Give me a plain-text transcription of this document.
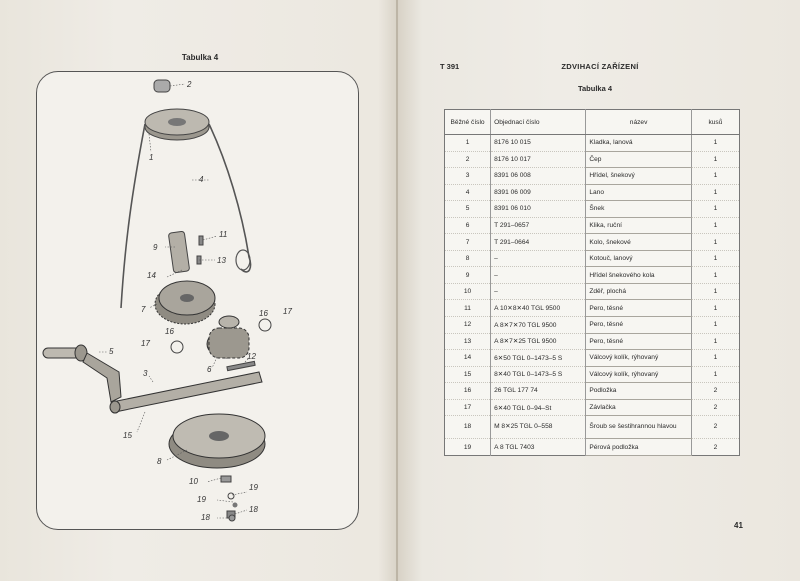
Tabulka 4
2
1
4
9
11
13
14
7
5
16
17
16 17
6
12
3
15
8
10
19
19
18
18
T 391	ZDVIHACÍ ZAŘÍZENÍ
Tabulka 4
Běžné číslo	Objednací číslo	název	kusů
1	8176 10 015	Kladka, lanová	1
2	8176 10 017	Čep	1
3	8391 06 008	Hřídel, šnekový	1
4	8391 06 009	Lano	1
5	8391 06 010	Šnek	1
6	T 291–0657	Klika, ruční	1
7	T 291–0664	Kolo, šnekové	1
8	–	Kotouč, lanový	1
9	–	Hřídel šnekového kola	1
10	–	Zděř, plochá	1
11	A 10✕8✕40 TGL 9500	Pero, těsné	1
12	A 8✕7✕70 TGL 9500	Pero, těsné	1
13	A 8✕7✕25 TGL 9500	Pero, těsné	1
14	6✕50 TGL 0–1473–5 S	Válcový kolík, rýhovaný	1
15	8✕40 TGL 0–1473–5 S	Válcový kolík, rýhovaný	1
16	26 TGL 177 74	Podložka	2
17	6✕40 TGL 0–94–St	Závlačka	2
18	M 8✕25 TGL 0–558	Šroub se šestihrannou hlavou	2
19	A 8 TGL 7403	Pérová podložka	2
41
